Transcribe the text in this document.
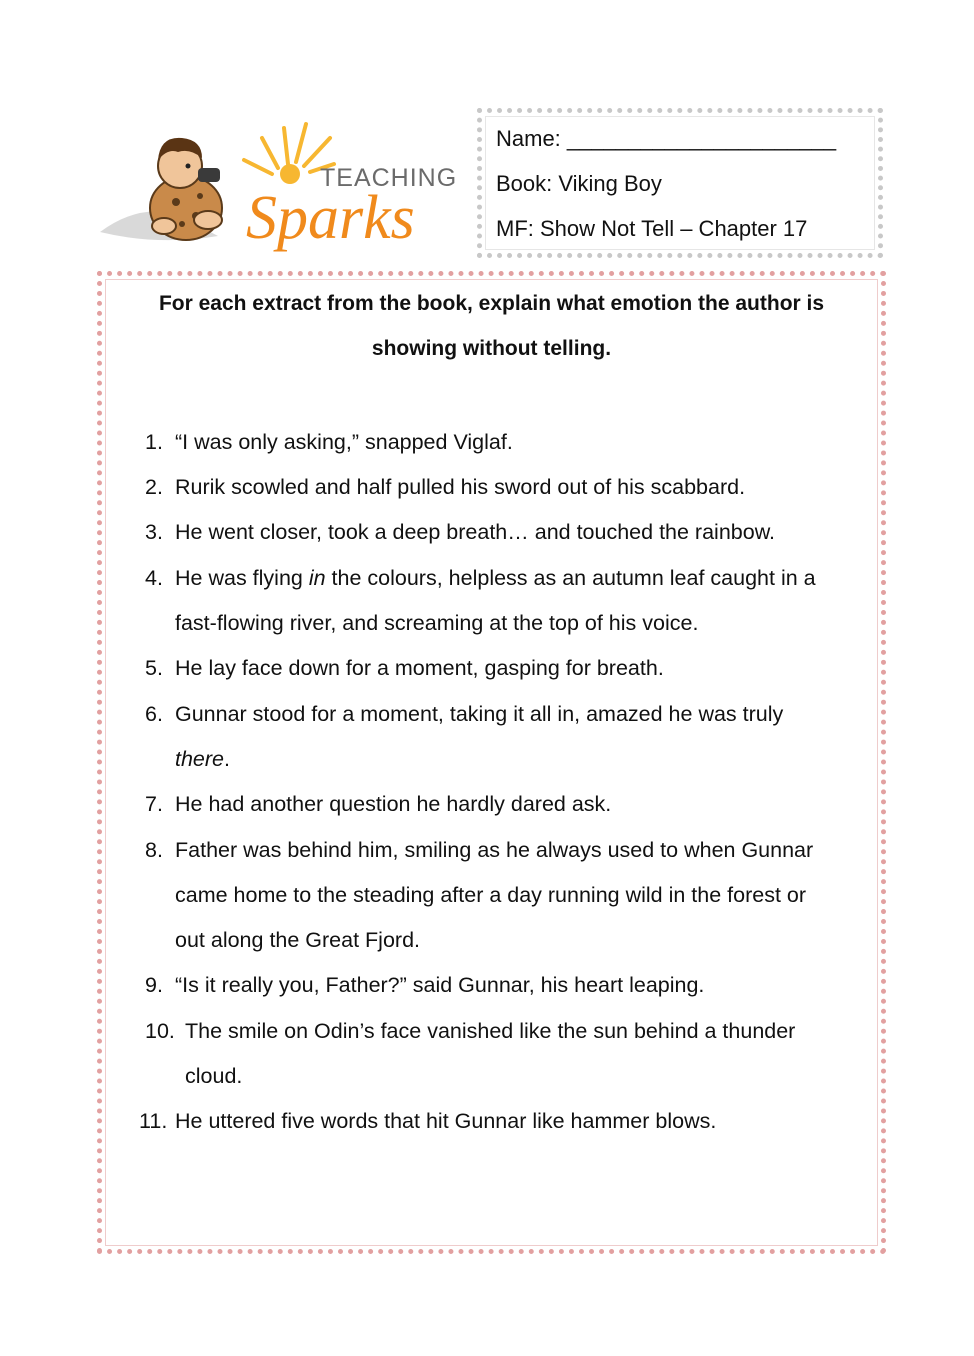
TEACHING
Sparks
Name: ______________________
Book: Viking Boy
MF: Show Not Tell – Chapter 17
For each extract from the book, explain what emotion the author is
showing without telling.
1. “I was only asking,” snapped Viglaf.
2. Rurik scowled and half pulled his sword out of his scabbard.
3. He went closer, took a deep breath… and touched the rainbow.
4. He was flying in the colours, helpless as an autumn leaf caught in a
fast-flowing river, and screaming at the top of his voice.
5. He lay face down for a moment, gasping for breath.
6. Gunnar stood for a moment, taking it all in, amazed he was truly
there.
7. He had another question he hardly dared ask.
8. Father was behind him, smiling as he always used to when Gunnar
came home to the steading after a day running wild in the forest or
out along the Great Fjord.
9. “Is it really you, Father?” said Gunnar, his heart leaping.
10. The smile on Odin’s face vanished like the sun behind a thunder
cloud.
11. He uttered five words that hit Gunnar like hammer blows.
